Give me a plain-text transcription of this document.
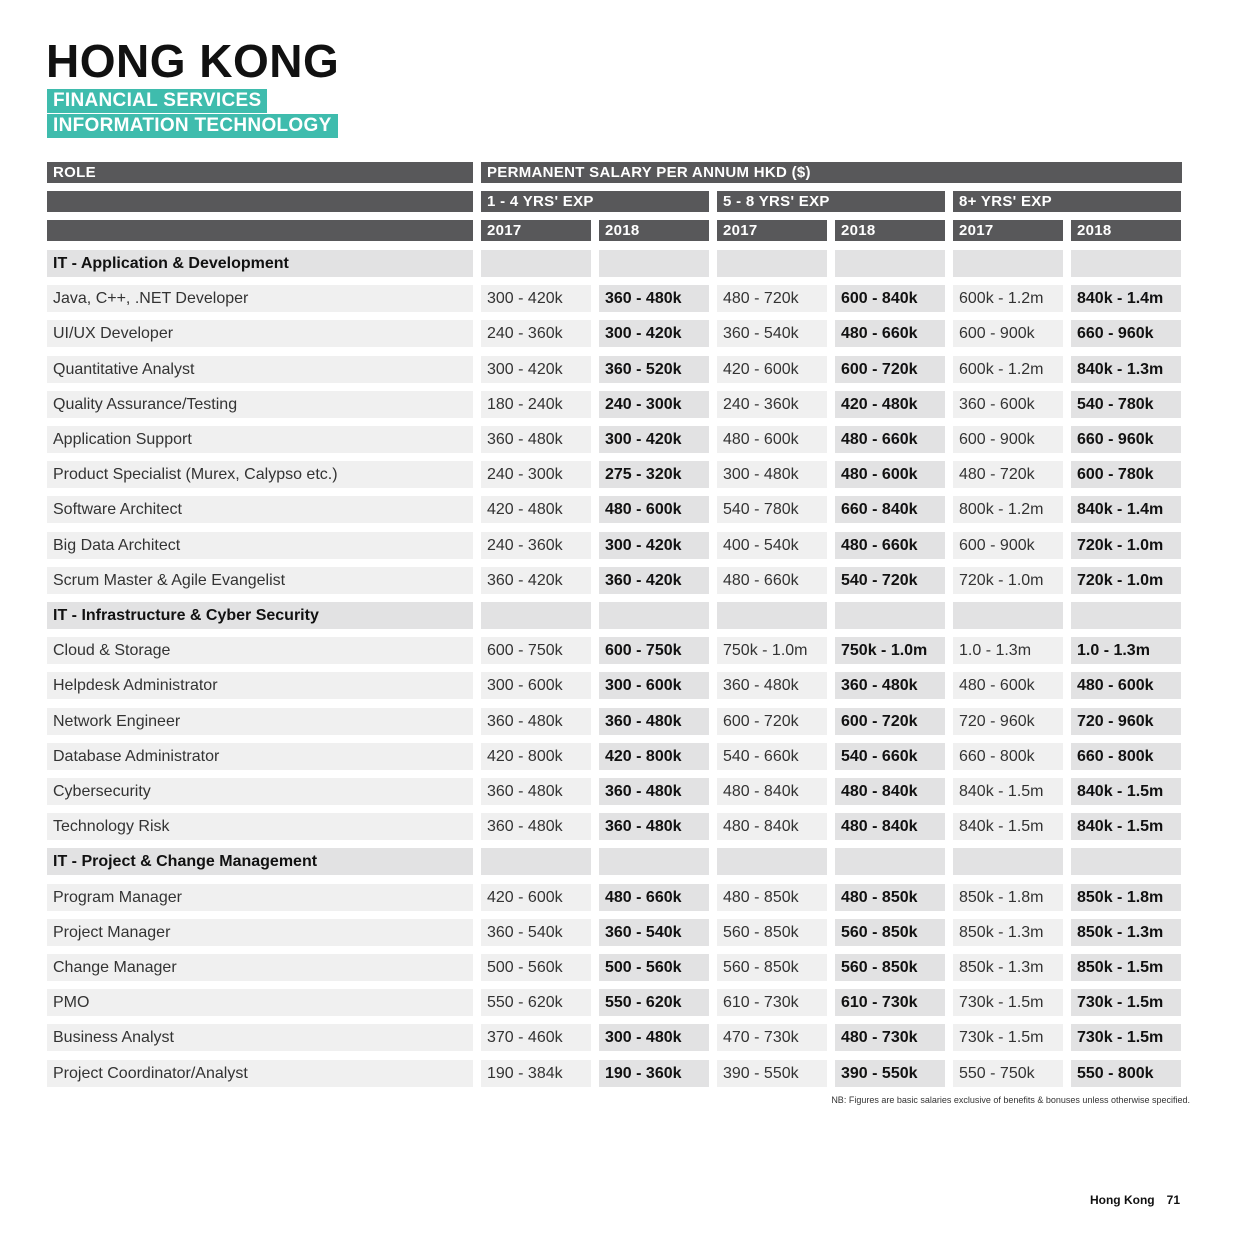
HONG KONG
FINANCIAL SERVICES
INFORMATION TECHNOLOGY
ROLE	PERMANENT SALARY PER ANNUM HKD ($)
1 - 4 YRS' EXP	5 - 8 YRS' EXP	8+ YRS' EXP
2017	2018	2017	2018	2017	2018
IT - Application & Development
Java, C++, .NET Developer	300 - 420k	360 - 480k	480 - 720k	600 - 840k	600k - 1.2m	840k - 1.4m
UI/UX Developer	240 - 360k	300 - 420k	360 - 540k	480 - 660k	600 - 900k	660 - 960k
Quantitative Analyst	300 - 420k	360 - 520k	420 - 600k	600 - 720k	600k - 1.2m	840k - 1.3m
Quality Assurance/Testing	180 - 240k	240 - 300k	240 - 360k	420 - 480k	360 - 600k	540 - 780k
Application Support	360 - 480k	300 - 420k	480 - 600k	480 - 660k	600 - 900k	660 - 960k
Product Specialist (Murex, Calypso etc.)	240 - 300k	275 - 320k	300 - 480k	480 - 600k	480 - 720k	600 - 780k
Software Architect	420 - 480k	480 - 600k	540 - 780k	660 - 840k	800k - 1.2m	840k - 1.4m
Big Data Architect	240 - 360k	300 - 420k	400 - 540k	480 - 660k	600 - 900k	720k - 1.0m
Scrum Master & Agile Evangelist	360 - 420k	360 - 420k	480 - 660k	540 - 720k	720k - 1.0m	720k - 1.0m
IT - Infrastructure & Cyber Security
Cloud & Storage	600 - 750k	600 - 750k	750k - 1.0m	750k - 1.0m	1.0 - 1.3m	1.0 - 1.3m
Helpdesk Administrator	300 - 600k	300 - 600k	360 - 480k	360 - 480k	480 - 600k	480 - 600k
Network Engineer	360 - 480k	360 - 480k	600 - 720k	600 - 720k	720 - 960k	720 - 960k
Database Administrator	420 - 800k	420 - 800k	540 - 660k	540 - 660k	660 - 800k	660 - 800k
Cybersecurity	360 - 480k	360 - 480k	480 - 840k	480 - 840k	840k - 1.5m	840k - 1.5m
Technology Risk	360 - 480k	360 - 480k	480 - 840k	480 - 840k	840k - 1.5m	840k - 1.5m
IT - Project & Change Management
Program Manager	420 - 600k	480 - 660k	480 - 850k	480 - 850k	850k - 1.8m	850k - 1.8m
Project Manager	360 - 540k	360 - 540k	560 - 850k	560 - 850k	850k - 1.3m	850k - 1.3m
Change Manager	500 - 560k	500 - 560k	560 - 850k	560 - 850k	850k - 1.3m	850k - 1.5m
PMO	550 - 620k	550 - 620k	610 - 730k	610 - 730k	730k - 1.5m	730k - 1.5m
Business Analyst	370 - 460k	300 - 480k	470 - 730k	480 - 730k	730k - 1.5m	730k - 1.5m
Project Coordinator/Analyst	190 - 384k	190 - 360k	390 - 550k	390 - 550k	550 - 750k	550 - 800k
NB: Figures are basic salaries exclusive of benefits & bonuses unless otherwise specified.
Hong Kong 71
